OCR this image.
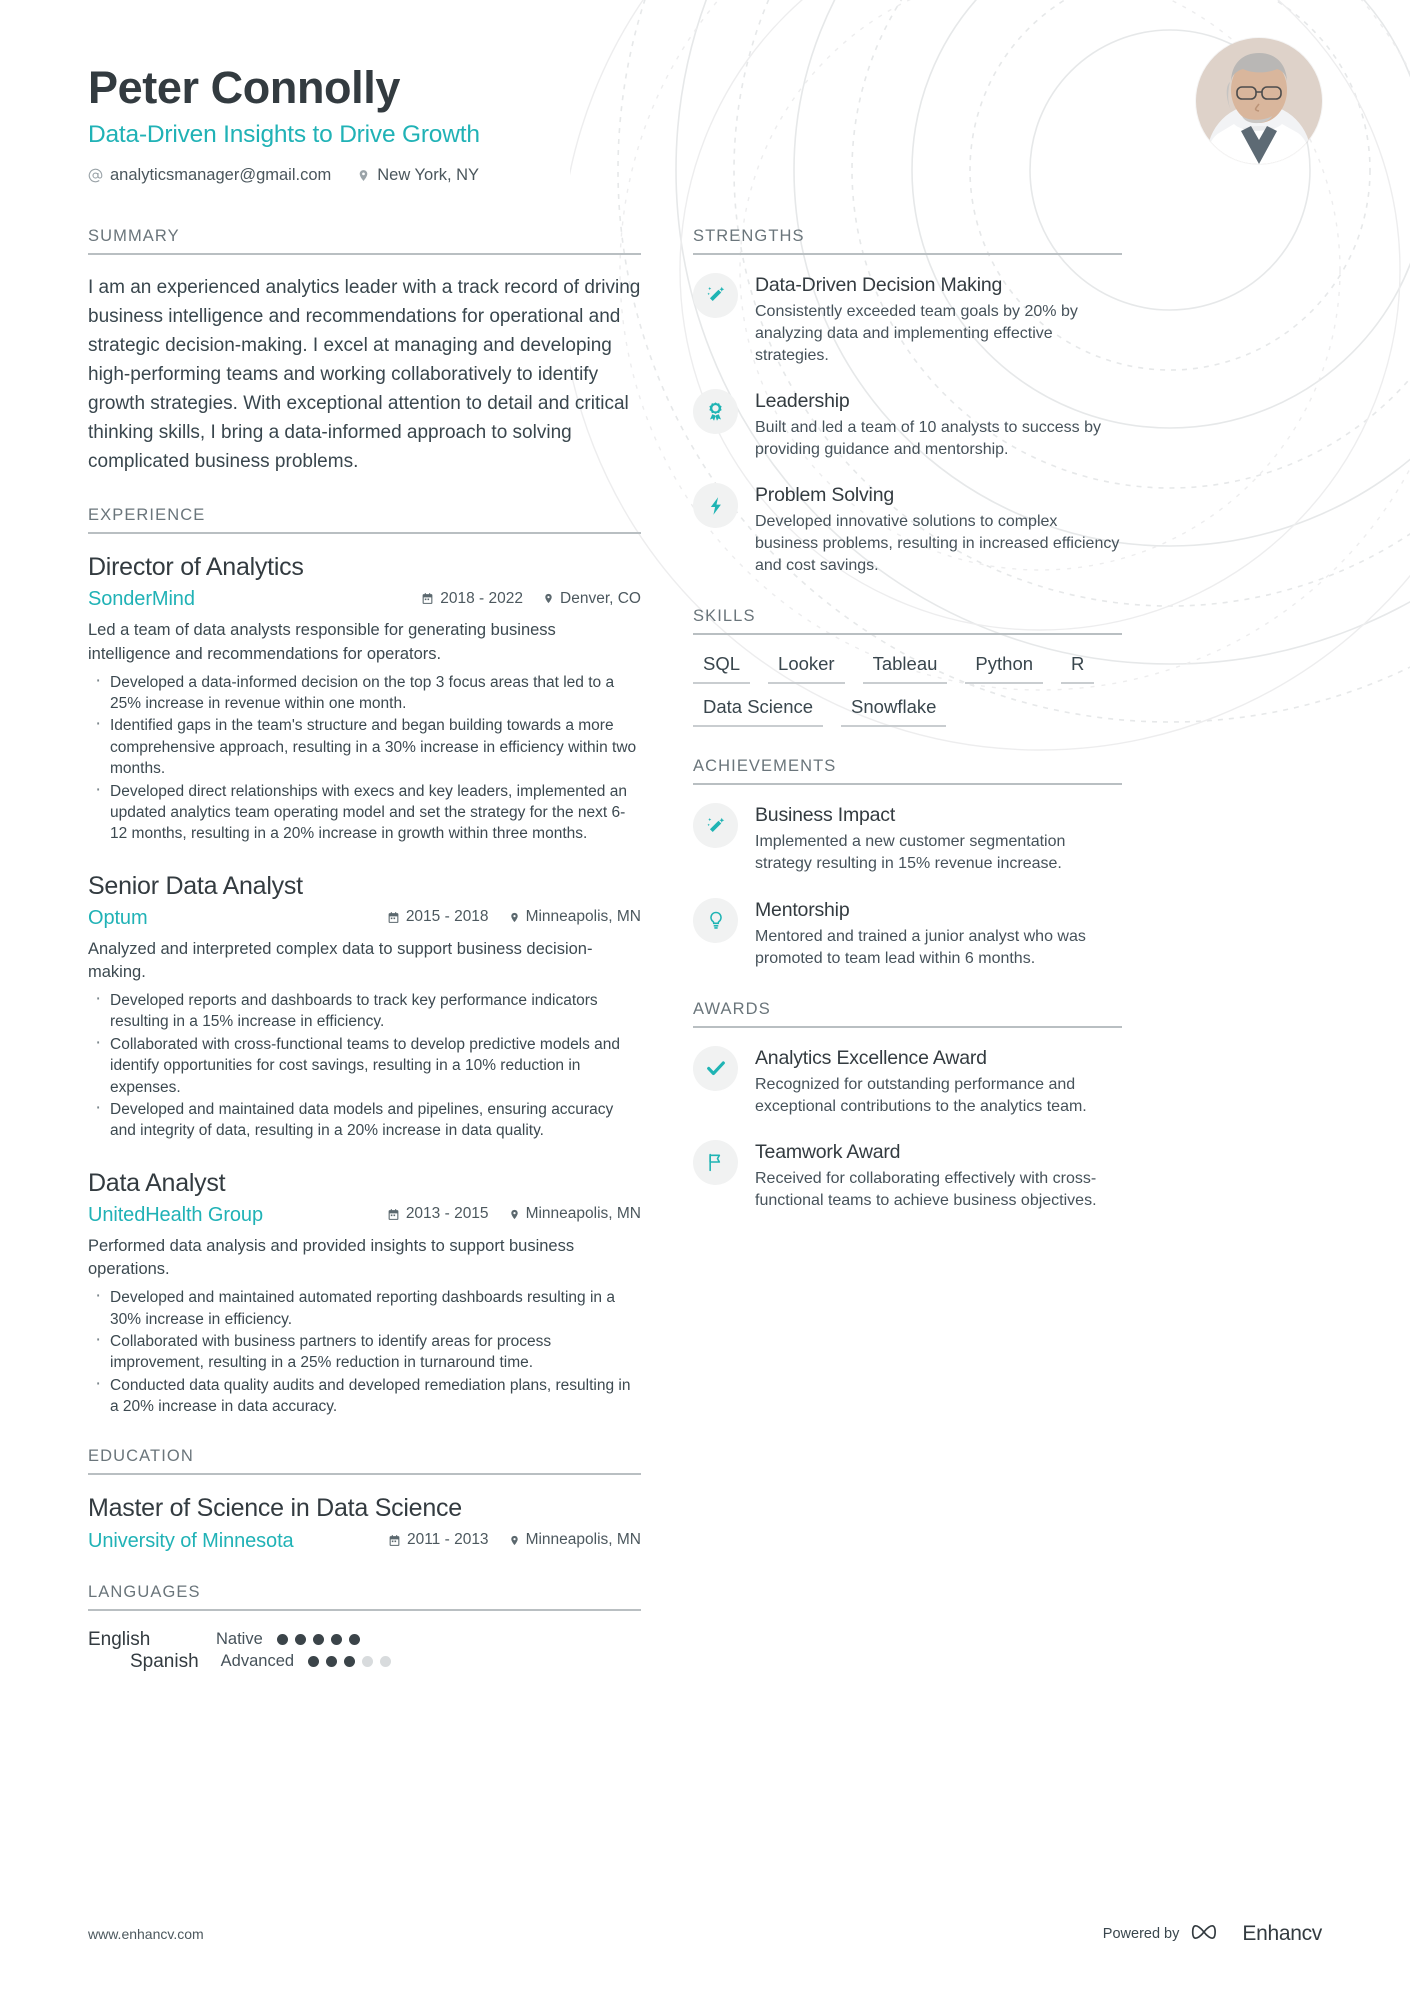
Peter Connolly
Data-Driven Insights to Drive Growth
analyticsmanager@gmail.com	New York, NY
SUMMARY
I am an experienced analytics leader with a track record of driving business intelligence and recommendations for operational and strategic decision-making. I excel at managing and developing high-performing teams and working collaboratively to identify growth strategies. With exceptional attention to detail and critical thinking skills, I bring a data-informed approach to solving complicated business problems.
EXPERIENCE
Director of Analytics
SonderMind	2018 - 2022 Denver, CO
Led a team of data analysts responsible for generating business intelligence and recommendations for operators.
· Developed a data-informed decision on the top 3 focus areas that led to a 25% increase in revenue within one month.
· Identified gaps in the team's structure and began building towards a more comprehensive approach, resulting in a 30% increase in efficiency within two months.
· Developed direct relationships with execs and key leaders, implemented an updated analytics team operating model and set the strategy for the next 6-12 months, resulting in a 20% increase in growth within three months.
Senior Data Analyst
Optum	2015 - 2018 Minneapolis, MN
Analyzed and interpreted complex data to support business decision-making.
· Developed reports and dashboards to track key performance indicators resulting in a 15% increase in efficiency.
· Collaborated with cross-functional teams to develop predictive models and identify opportunities for cost savings, resulting in a 10% reduction in expenses.
· Developed and maintained data models and pipelines, ensuring accuracy and integrity of data, resulting in a 20% increase in data quality.
Data Analyst
UnitedHealth Group	2013 - 2015 Minneapolis, MN
Performed data analysis and provided insights to support business operations.
· Developed and maintained automated reporting dashboards resulting in a 30% increase in efficiency.
· Collaborated with business partners to identify areas for process improvement, resulting in a 25% reduction in turnaround time.
· Conducted data quality audits and developed remediation plans, resulting in a 20% increase in data accuracy.
EDUCATION
Master of Science in Data Science
University of Minnesota	2011 - 2013 Minneapolis, MN
LANGUAGES
English	Native
Spanish Advanced
STRENGTHS
Data-Driven Decision Making
Consistently exceeded team goals by 20% by analyzing data and implementing effective strategies.
Leadership
Built and led a team of 10 analysts to success by providing guidance and mentorship.
Problem Solving
Developed innovative solutions to complex business problems, resulting in increased efficiency and cost savings.
SKILLS
SQL	Looker	Tableau	Python	R
Data Science	Snowflake
ACHIEVEMENTS
Business Impact
Implemented a new customer segmentation strategy resulting in 15% revenue increase.
Mentorship
Mentored and trained a junior analyst who was promoted to team lead within 6 months.
AWARDS
Analytics Excellence Award
Recognized for outstanding performance and exceptional contributions to the analytics team.
Teamwork Award
Received for collaborating effectively with cross-functional teams to achieve business objectives.
www.enhancv.com	Powered by	Enhancv
